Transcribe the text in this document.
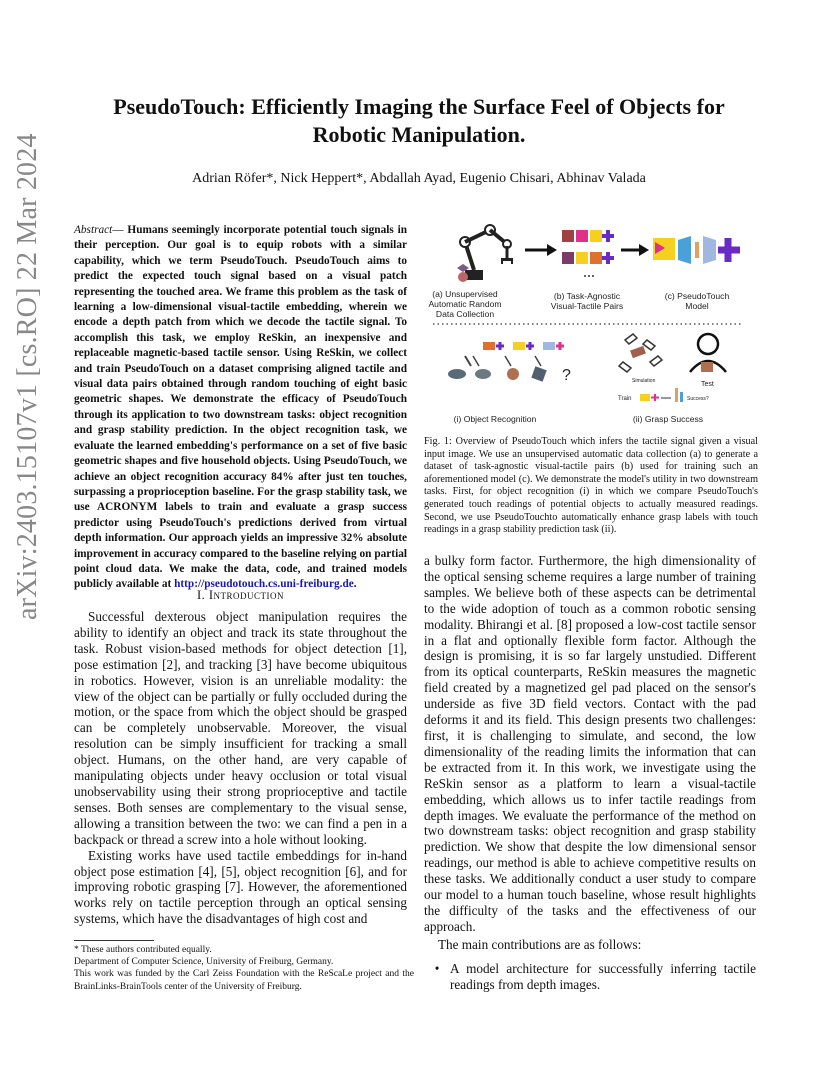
arXiv:2403.15107v1 [cs.RO] 22 Mar 2024
PseudoTouch: Efficiently Imaging the Surface Feel of Objects for
Robotic Manipulation.
Adrian Röfer*, Nick Heppert*, Abdallah Ayad, Eugenio Chisari, Abhinav Valada
Abstract— Humans seemingly incorporate potential touch signals in their perception. Our goal is to equip robots with a similar capability, which we term PseudoTouch. PseudoTouch aims to predict the expected touch signal based on a visual patch representing the touched area. We frame this problem as the task of learning a low-dimensional visual-tactile embedding, wherein we encode a depth patch from which we decode the tactile signal. To accomplish this task, we employ ReSkin, an inexpensive and replaceable magnetic-based tactile sensor. Using ReSkin, we collect and train PseudoTouch on a dataset comprising aligned tactile and visual data pairs obtained through random touching of eight basic geometric shapes. We demonstrate the efficacy of PseudoTouch through its application to two downstream tasks: object recognition and grasp stability prediction. In the object recognition task, we evaluate the learned embedding's performance on a set of five basic geometric shapes and five household objects. Using PseudoTouch, we achieve an object recognition accuracy 84% after just ten touches, surpassing a proprioception baseline. For the grasp stability task, we use ACRONYM labels to train and evaluate a grasp success predictor using PseudoTouch's predictions derived from virtual depth information. Our approach yields an impressive 32% absolute improvement in accuracy compared to the baseline relying on partial point cloud data. We make the data, code, and trained models publicly available at http://pseudotouch.cs.uni-freiburg.de.
I. Introduction

Successful dexterous object manipulation requires the ability to identify an object and track its state throughout the task. Robust vision-based methods for object detection [1], pose estimation [2], and tracking [3] have become ubiquitous in robotics. However, vision is an unreliable modality: the view of the object can be partially or fully occluded during the motion, or the space from which the object should be grasped can be completely unobservable. Moreover, the visual resolution can be simply insufficient for tracking a small object. Humans, on the other hand, are very capable of manipulating objects under heavy occlusion or total visual unobservability using their strong proprioceptive and tactile senses. Both senses are complementary to the visual sense, allowing a transition between the two: we can find a pen in a backpack or thread a screw into a hole without looking.

Existing works have used tactile embeddings for in-hand object pose estimation [4], [5], object recognition [6], and for improving robotic grasping [7]. However, the aforementioned works rely on tactile perception through an optical sensing systems, which have the disadvantages of high cost and

* These authors contributed equally.
Department of Computer Science, University of Freiburg, Germany.
This work was funded by the Carl Zeiss Foundation with the ReScaLe project and the BrainLinks-BrainTools center of the University of Freiburg.
(a) Unsupervised
Automatic Random
Data Collection
(b) Task-Agnostic
Visual-Tactile Pairs
(c) PseudoTouch
Model
?
(i) Object Recognition
Simulation	Test
Train	Success?
(ii) Grasp Success
Fig. 1: Overview of PseudoTouch which infers the tactile signal given a visual input image. We use an unsupervised automatic data collection (a) to generate a dataset of task-agnostic visual-tactile pairs (b) used for training such an aforementioned model (c). We demonstrate the model's utility in two downstream tasks. First, for object recognition (i) in which we compare PseudoTouch's generated touch readings of potential objects to actually measured readings. Second, we use PseudoTouchto automatically enhance grasp labels with touch readings in a grasp stability prediction task (ii).

a bulky form factor. Furthermore, the high dimensionality of the optical sensing scheme requires a large number of training samples. We believe both of these aspects can be detrimental to the wide adoption of touch as a common robotic sensing modality. Bhirangi et al. [8] proposed a low-cost tactile sensor in a flat and optionally flexible form factor. Although the design is promising, it is so far largely unstudied. Different from its optical counterparts, ReSkin measures the magnetic field created by a magnetized gel pad placed on the sensor's underside as five 3D field vectors. Contact with the pad deforms it and its field. This design presents two challenges: first, it is challenging to simulate, and second, the low dimensionality of the reading limits the information that can be extracted from it. In this work, we investigate using the ReSkin sensor as a platform to learn a visual-tactile embedding, which allows us to infer tactile readings from depth images. We evaluate the performance of the method on two downstream tasks: object recognition and grasp stability prediction. We show that despite the low dimensional sensor readings, our method is able to achieve competitive results on these tasks. We additionally conduct a user study to compare our model to a human touch baseline, whose result highlights the difficulty of the tasks and the effectiveness of our approach.

The main contributions are as follows:

• A model architecture for successfully inferring tactile readings from depth images.
